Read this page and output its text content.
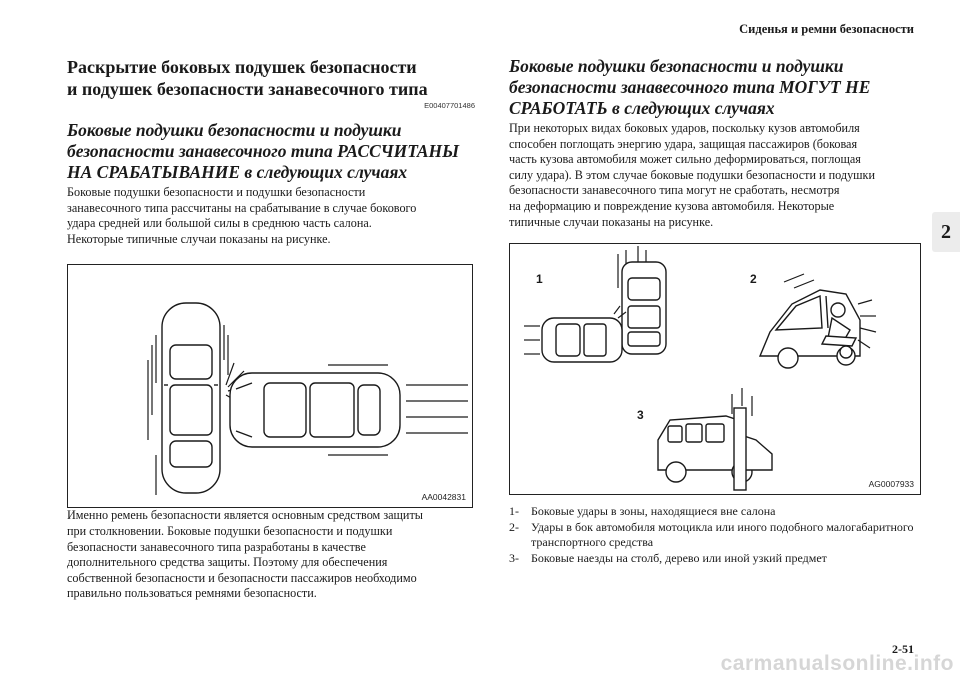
Сиденья и ремни безопасности
2
Раскрытие боковых подушек безопасности
и подушек безопасности занавесочного типа
E00407701486
Боковые подушки безопасности и подушки
безопасности занавесочного типа РАССЧИТАНЫ
НА СРАБАТЫВАНИЕ в следующих случаях

Боковые подушки безопасности и подушки безопасности
занавесочного типа рассчитаны на срабатывание в случае бокового
удара средней или большой силы в среднюю часть салона.
Некоторые типичные случаи показаны на рисунке.

AA0042831

Именно ремень безопасности является основным средством защиты
при столкновении. Боковые подушки безопасности и подушки
безопасности занавесочного типа разработаны в качестве
дополнительного средства защиты. Поэтому для обеспечения
собственной безопасности и безопасности пассажиров необходимо
правильно пользоваться ремнями безопасности.

Боковые подушки безопасности и подушки
безопасности занавесочного типа МОГУТ НЕ
СРАБОТАТЬ в следующих случаях

При некоторых видах боковых ударов, поскольку кузов автомобиля
способен поглощать энергию удара, защищая пассажиров (боковая
часть кузова автомобиля может сильно деформироваться, поглощая
силу удара). В этом случае боковые подушки безопасности и подушки
безопасности занавесочного типа могут не сработать, несмотря
на деформацию и повреждение кузова автомобиля. Некоторые
типичные случаи показаны на рисунке.

1	2
3
AG0007933
1-	Боковые удары в зоны, находящиеся вне салона
2-	Удары в бок автомобиля мотоцикла или иного подобного малогабаритного транспортного средства
3-	Боковые наезды на столб, дерево или иной узкий предмет
2-51
carmanualsonline.info
